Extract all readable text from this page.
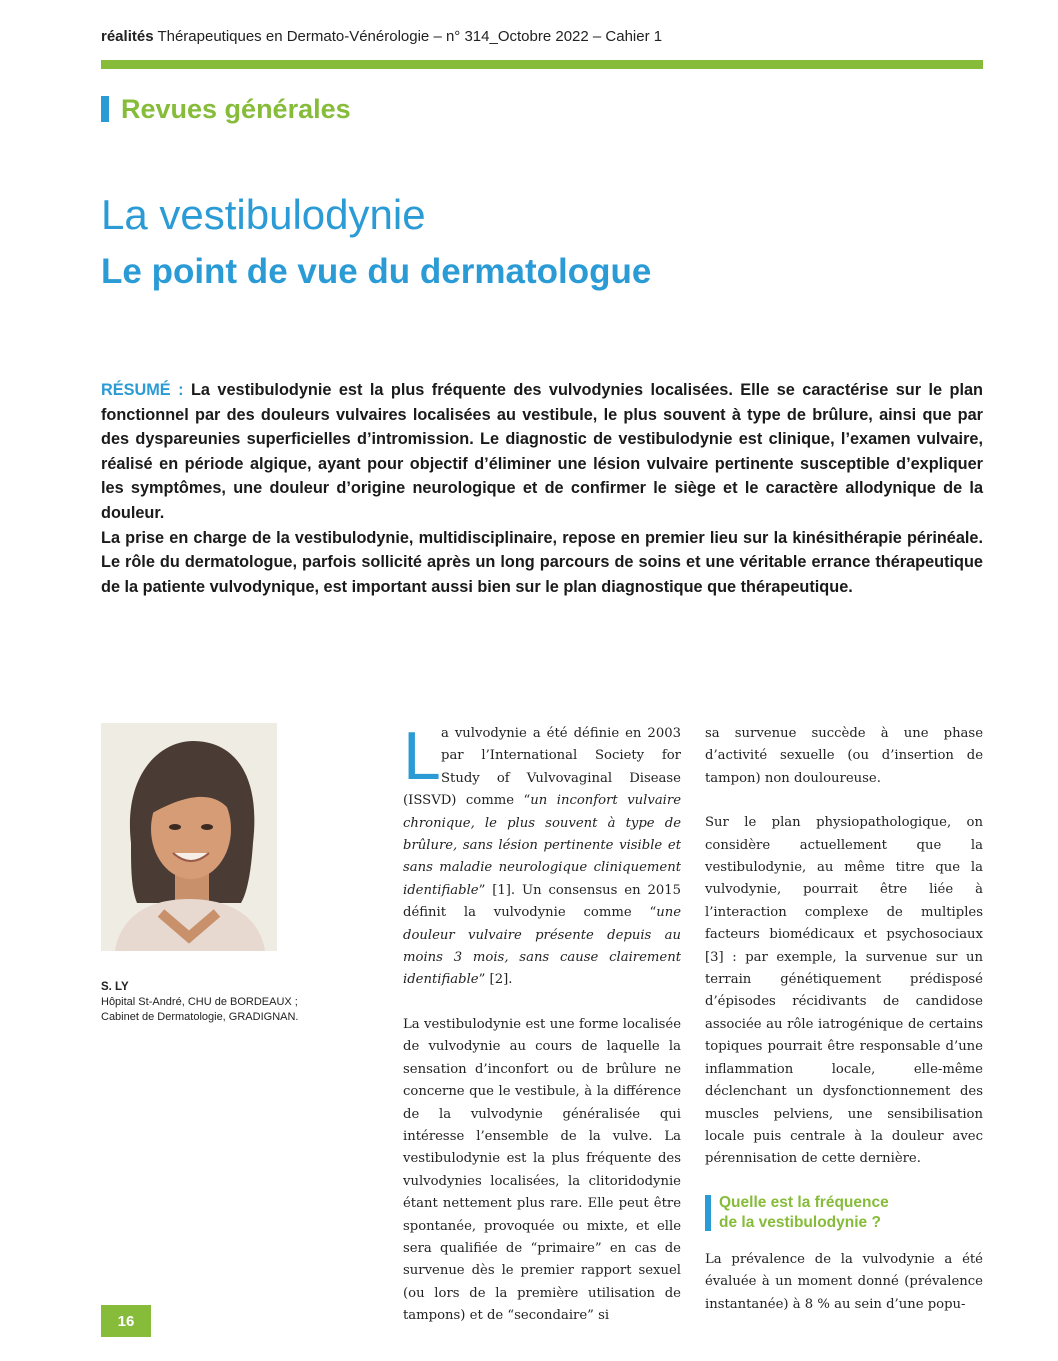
réalités Thérapeutiques en Dermato-Vénérologie – n° 314_Octobre 2022 – Cahier 1
Revues générales
La vestibulodynie
Le point de vue du dermatologue

RÉSUMÉ : La vestibulodynie est la plus fréquente des vulvodynies localisées. Elle se caractérise sur le plan fonctionnel par des douleurs vulvaires localisées au vestibule, le plus souvent à type de brûlure, ainsi que par des dyspareunies superficielles d’intromission. Le diagnostic de vestibulodynie est clinique, l’examen vulvaire, réalisé en période algique, ayant pour objectif d’éliminer une lésion vulvaire pertinente susceptible d’expliquer les symptômes, une douleur d’origine neurologique et de confirmer le siège et le caractère allodynique de la douleur.

La prise en charge de la vestibulodynie, multidisciplinaire, repose en premier lieu sur la kinésithérapie périnéale. Le rôle du dermatologue, parfois sollicité après un long parcours de soins et une véritable errance thérapeutique de la patiente vulvodynique, est important aussi bien sur le plan diagnostique que thérapeutique.

S. LY
Hôpital St-André, CHU de BORDEAUX ;
Cabinet de Dermatologie, GRADIGNAN.

La vulvodynie a été définie en 2003 par l’International Society for Study of Vulvovaginal Disease (ISSVD) comme “un inconfort vulvaire chronique, le plus souvent à type de brûlure, sans lésion pertinente visible et sans maladie neurologique cliniquement identifiable” [1]. Un consensus en 2015 définit la vulvodynie comme “une douleur vulvaire présente depuis au moins 3 mois, sans cause clairement identifiable” [2].

La vestibulodynie est une forme localisée de vulvodynie au cours de laquelle la sensation d’inconfort ou de brûlure ne concerne que le vestibule, à la différence de la vulvodynie généralisée qui intéresse l’ensemble de la vulve. La vestibulodynie est la plus fréquente des vulvodynies localisées, la clitoridodynie étant nettement plus rare. Elle peut être spontanée, provoquée ou mixte, et elle sera qualifiée de “primaire” en cas de survenue dès le premier rapport sexuel (ou lors de la première utilisation de tampons) et de “secondaire” si

sa survenue succède à une phase d’activité sexuelle (ou d’insertion de tampon) non douloureuse.

Sur le plan physiopathologique, on considère actuellement que la vestibulodynie, au même titre que la vulvodynie, pourrait être liée à l’interaction complexe de multiples facteurs biomédicaux et psychosociaux [3] : par exemple, la survenue sur un terrain génétiquement prédisposé d’épisodes récidivants de candidose associée au rôle iatrogénique de certains topiques pourrait être responsable d’une inflammation locale, elle-même déclenchant un dysfonctionnement des muscles pelviens, une sensibilisation locale puis centrale à la douleur avec pérennisation de cette dernière.

Quelle est la fréquence
de la vestibulodynie ?

La prévalence de la vulvodynie a été évaluée à un moment donné (prévalence instantanée) à 8 % au sein d’une popu-

16
